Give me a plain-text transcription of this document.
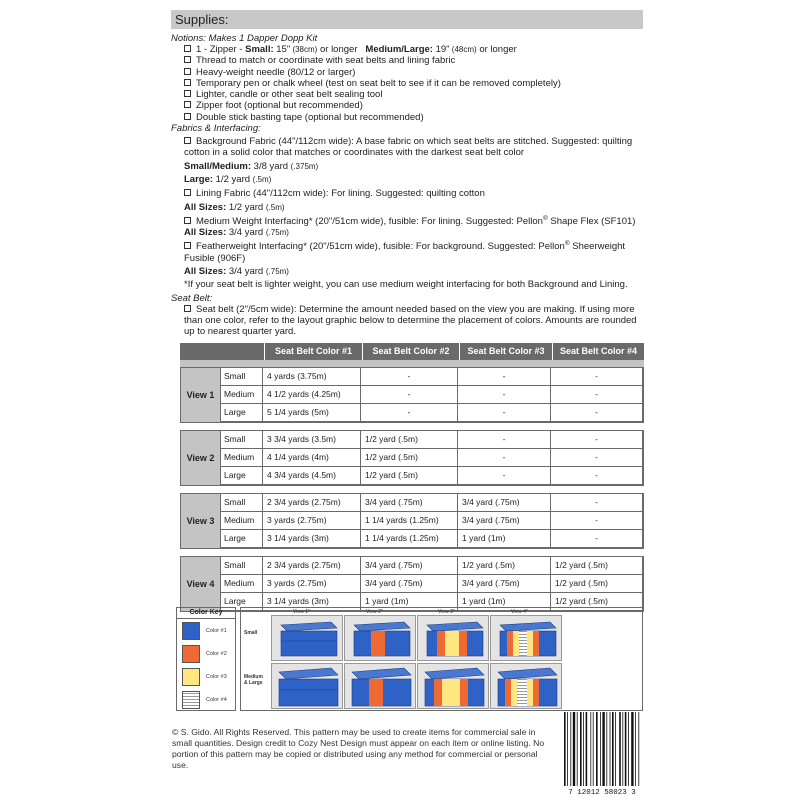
Supplies:
Notions: Makes 1 Dapper Dopp Kit
1 - Zipper - Small: 15" (38cm) or longer Medium/Large: 19" (48cm) or longer
Thread to match or coordinate with seat belts and lining fabric
Heavy-weight needle (80/12 or larger)
Temporary pen or chalk wheel (test on seat belt to see if it can be removed completely)
Lighter, candle or other seat belt sealing tool
Zipper foot (optional but recommended)
Double stick basting tape (optional but recommended)
Fabrics & Interfacing:
Background Fabric (44"/112cm wide): A base fabric on which seat belts are stitched. Suggested: quilting cotton in a solid color that matches or coordinates with the darkest seat belt color
Small/Medium: 3/8 yard (.375m)
Large: 1/2 yard (.5m)
Lining Fabric (44"/112cm wide): For lining. Suggested: quilting cotton
All Sizes: 1/2 yard (.5m)
Medium Weight Interfacing* (20"/51cm wide), fusible: For lining. Suggested: Pellon® Shape Flex (SF101)
All Sizes: 3/4 yard (.75m)
Featherweight Interfacing* (20"/51cm wide), fusible: For background. Suggested: Pellon® Sheerweight Fusible (906F)
All Sizes: 3/4 yard (.75m)
*If your seat belt is lighter weight, you can use medium weight interfacing for both Background and Lining.
Seat Belt:
Seat belt (2"/5cm wide): Determine the amount needed based on the view you are making. If using more than one color, refer to the layout graphic below to determine the placement of colors. Amounts are rounded up to nearest quarter yard.
Seat Belt Color #1	Seat Belt Color #2	Seat Belt Color #3	Seat Belt Color #4
View 1
Small	4 yards (3.75m)	-	-	-
Medium	4 1/2 yards (4.25m)	-	-	-
Large	5 1/4 yards (5m)	-	-	-
View 2
Small	3 3/4 yards (3.5m)	1/2 yard (.5m)	-	-
Medium	4 1/4 yards (4m)	1/2 yard (.5m)	-	-
Large	4 3/4 yards (4.5m)	1/2 yard (.5m)	-	-
View 3
Small	2 3/4 yards (2.75m)	3/4 yard (.75m)	3/4 yard (.75m)	-
Medium	3 yards (2.75m)	1 1/4 yards (1.25m)	3/4 yard (.75m)	-
Large	3 1/4 yards (3m)	1 1/4 yards (1.25m)	1 yard (1m)	-
View 4
Small	2 3/4 yards (2.75m)	3/4 yard (.75m)	1/2 yard (.5m)	1/2 yard (.5m)
Medium	3 yards (2.75m)	3/4 yard (.75m)	3/4 yard (.75m)	1/2 yard (.5m)
Large	3 1/4 yards (3m)	1 yard (1m)	1 yard (1m)	1/2 yard (.5m)
Color Key
Color #1
Color #2
Color #3
Color #4
View 1*	View 2*	View 3*	View 4*
Small
Medium & Large
© S. Gido. All Rights Reserved. This pattern may be used to create items for commercial sale in small quantities. Design credit to Cozy Nest Design must appear on each item or online listing. No portion of this pattern may be copied or distributed using any method for commercial or personal use.
7 12012 58023 3
